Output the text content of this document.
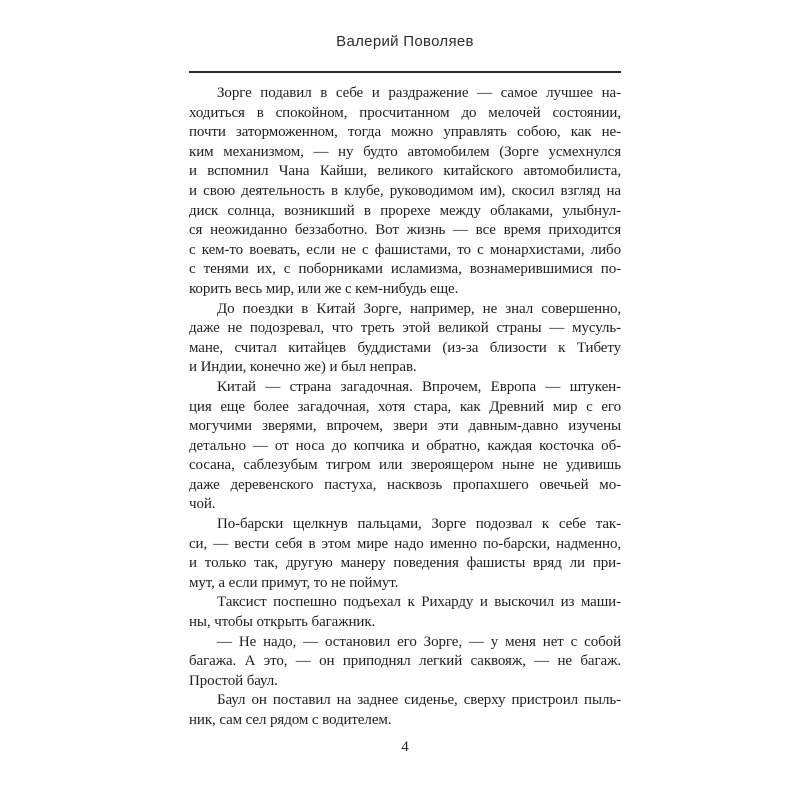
Валерий Поволяев
Зорге подавил в себе и раздражение — самое лучшее на-
ходиться в спокойном, просчитанном до мелочей состоянии,
почти заторможенном, тогда можно управлять собою, как не-
ким механизмом, — ну будто автомобилем (Зорге усмехнулся
и вспомнил Чана Кайши, великого китайского автомобилиста,
и свою деятельность в клубе, руководимом им), скосил взгляд на
диск солнца, возникший в прорехе между облаками, улыбнул-
ся неожиданно беззаботно. Вот жизнь — все время приходится
с кем-то воевать, если не с фашистами, то с монархистами, либо
с тенями их, с поборниками исламизма, вознамерившимися по-
корить весь мир, или же с кем-нибудь еще.
До поездки в Китай Зорге, например, не знал совершенно,
даже не подозревал, что треть этой великой страны — мусуль-
мане, считал китайцев буддистами (из-за близости к Тибету
и Индии, конечно же) и был неправ.
Китай — страна загадочная. Впрочем, Европа — штукен-
ция еще более загадочная, хотя стара, как Древний мир с его
могучими зверями, впрочем, звери эти давным-давно изучены
детально — от носа до копчика и обратно, каждая косточка об-
сосана, саблезубым тигром или звероящером ныне не удивишь
даже деревенского пастуха, насквозь пропахшего овечьей мо-
чой.
По-барски щелкнув пальцами, Зорге подозвал к себе так-
си, — вести себя в этом мире надо именно по-барски, надменно,
и только так, другую манеру поведения фашисты вряд ли при-
мут, а если примут, то не поймут.
Таксист поспешно подъехал к Рихарду и выскочил из маши-
ны, чтобы открыть багажник.
— Не надо, — остановил его Зорге, — у меня нет с собой
багажа. А это, — он приподнял легкий саквояж, — не багаж.
Простой баул.
Баул он поставил на заднее сиденье, сверху пристроил пыль-
ник, сам сел рядом с водителем.
4
